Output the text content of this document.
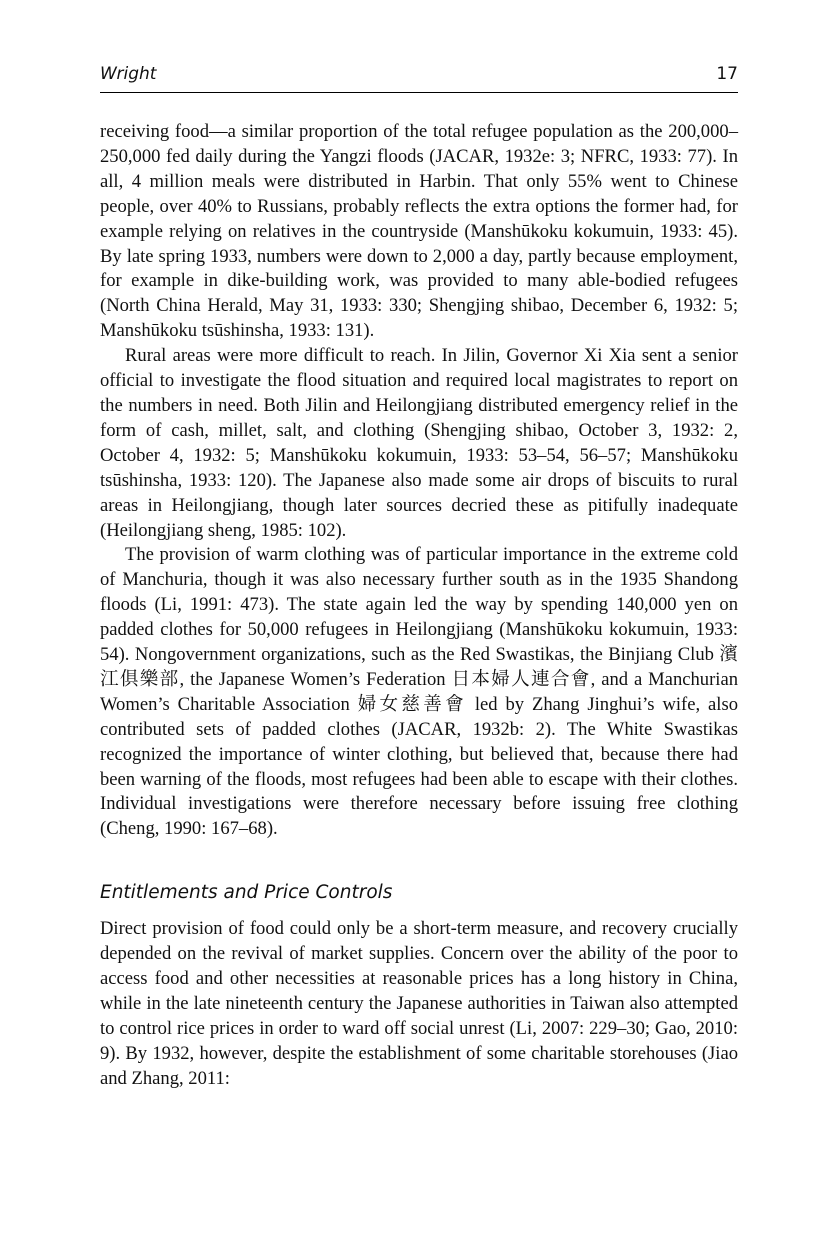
Wright	17

receiving food—a similar proportion of the total refugee population as the 200,000–250,000 fed daily during the Yangzi floods (JACAR, 1932e: 3; NFRC, 1933: 77). In all, 4 million meals were distributed in Harbin. That only 55% went to Chinese people, over 40% to Russians, probably reflects the extra options the former had, for example relying on relatives in the countryside (Manshūkoku kokumuin, 1933: 45). By late spring 1933, numbers were down to 2,000 a day, partly because employment, for example in dike-building work, was provided to many able-bodied refugees (North China Herald, May 31, 1933: 330; Shengjing shibao, December 6, 1932: 5; Manshūkoku tsūshinsha, 1933: 131).

Rural areas were more difficult to reach. In Jilin, Governor Xi Xia sent a senior official to investigate the flood situation and required local magistrates to report on the numbers in need. Both Jilin and Heilongjiang distributed emergency relief in the form of cash, millet, salt, and clothing (Shengjing shibao, October 3, 1932: 2, October 4, 1932: 5; Manshūkoku kokumuin, 1933: 53–54, 56–57; Manshūkoku tsūshinsha, 1933: 120). The Japanese also made some air drops of biscuits to rural areas in Heilongjiang, though later sources decried these as pitifully inadequate (Heilongjiang sheng, 1985: 102).

The provision of warm clothing was of particular importance in the extreme cold of Manchuria, though it was also necessary further south as in the 1935 Shandong floods (Li, 1991: 473). The state again led the way by spending 140,000 yen on padded clothes for 50,000 refugees in Heilongjiang (Manshūkoku kokumuin, 1933: 54). Nongovernment organizations, such as the Red Swastikas, the Binjiang Club 濱江俱樂部, the Japanese Women’s Federation 日本婦人連合會, and a Manchurian Women’s Charitable Association 婦女慈善會 led by Zhang Jinghui’s wife, also contributed sets of padded clothes (JACAR, 1932b: 2). The White Swastikas recognized the importance of winter clothing, but believed that, because there had been warning of the floods, most refugees had been able to escape with their clothes. Individual investigations were therefore necessary before issuing free clothing (Cheng, 1990: 167–68).

Entitlements and Price Controls

Direct provision of food could only be a short-term measure, and recovery crucially depended on the revival of market supplies. Concern over the ability of the poor to access food and other necessities at reasonable prices has a long history in China, while in the late nineteenth century the Japanese authorities in Taiwan also attempted to control rice prices in order to ward off social unrest (Li, 2007: 229–30; Gao, 2010: 9). By 1932, however, despite the establishment of some charitable storehouses (Jiao and Zhang, 2011:
